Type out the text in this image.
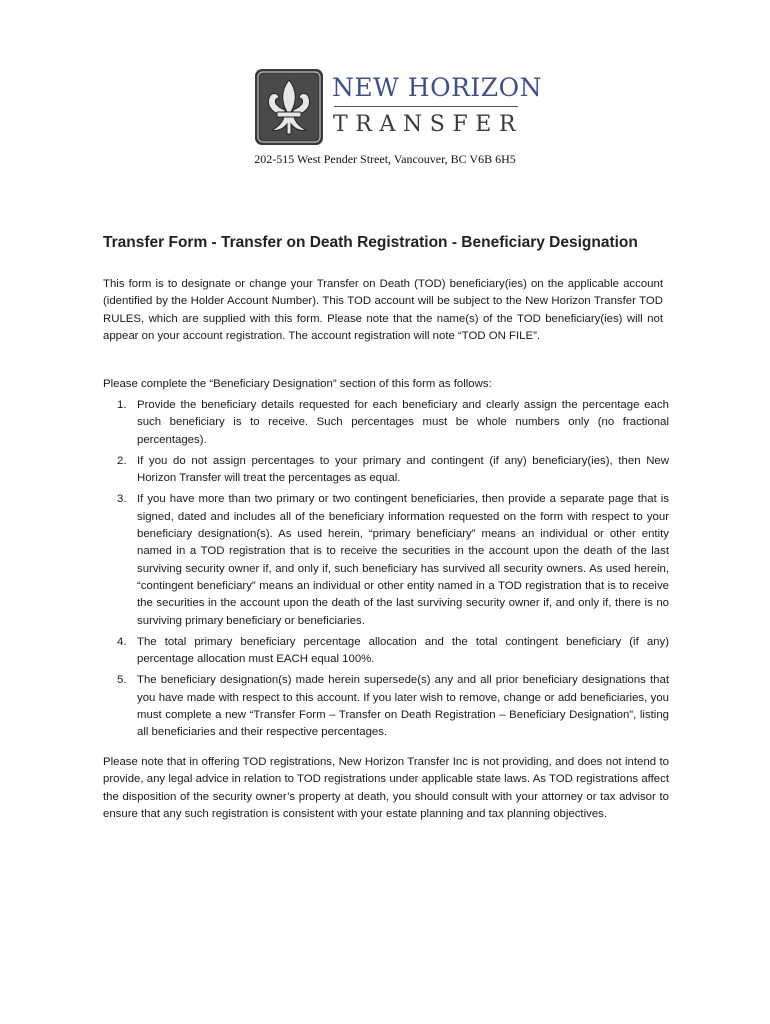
NEW HORIZON
TRANSFER
202-515 West Pender Street, Vancouver, BC V6B 6H5
Transfer Form - Transfer on Death Registration - Beneficiary Designation

This form is to designate or change your Transfer on Death (TOD) beneficiary(ies) on the applicable account (identified by the Holder Account Number). This TOD account will be subject to the New Horizon Transfer TOD RULES, which are supplied with this form. Please note that the name(s) of the TOD beneficiary(ies) will not appear on your account registration. The account registration will note “TOD ON FILE”.

Please complete the “Beneficiary Designation” section of this form as follows:

1. Provide the beneficiary details requested for each beneficiary and clearly assign the percentage each such beneficiary is to receive. Such percentages must be whole numbers only (no fractional percentages).
2. If you do not assign percentages to your primary and contingent (if any) beneficiary(ies), then New Horizon Transfer will treat the percentages as equal.
3. If you have more than two primary or two contingent beneficiaries, then provide a separate page that is signed, dated and includes all of the beneficiary information requested on the form with respect to your beneficiary designation(s). As used herein, “primary beneficiary” means an individual or other entity named in a TOD registration that is to receive the securities in the account upon the death of the last surviving security owner if, and only if, such beneficiary has survived all security owners. As used herein, “contingent beneficiary” means an individual or other entity named in a TOD registration that is to receive the securities in the account upon the death of the last surviving security owner if, and only if, there is no surviving primary beneficiary or beneficiaries.
4. The total primary beneficiary percentage allocation and the total contingent beneficiary (if any) percentage allocation must EACH equal 100%.
5. The beneficiary designation(s) made herein supersede(s) any and all prior beneficiary designations that you have made with respect to this account. If you later wish to remove, change or add beneficiaries, you must complete a new “Transfer Form – Transfer on Death Registration – Beneficiary Designation”, listing all beneficiaries and their respective percentages.

Please note that in offering TOD registrations, New Horizon Transfer Inc is not providing, and does not intend to provide, any legal advice in relation to TOD registrations under applicable state laws. As TOD registrations affect the disposition of the security owner’s property at death, you should consult with your attorney or tax advisor to ensure that any such registration is consistent with your estate planning and tax planning objectives.
